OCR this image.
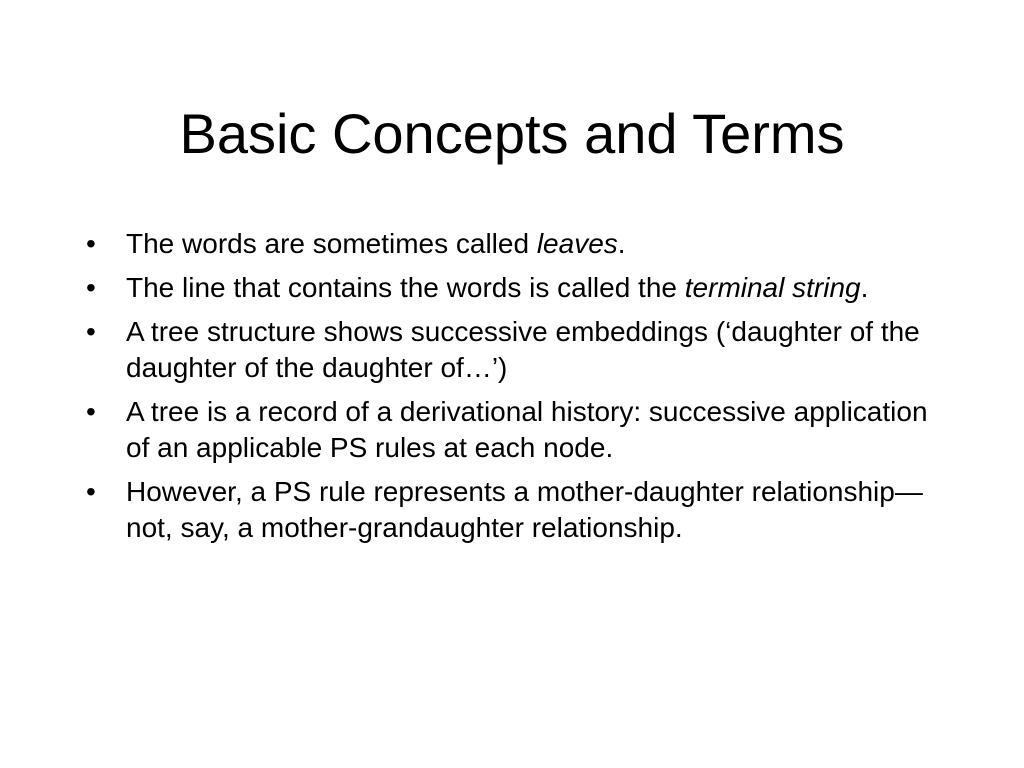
Basic Concepts and Terms
•	The words are sometimes called leaves.
•	The line that contains the words is called the terminal string.
•	A tree structure shows successive embeddings (‘daughter of the daughter of the daughter of…’)
•	A tree is a record of a derivational history: successive application of an applicable PS rules at each node.
•	However, a PS rule represents a mother-daughter relationship—not, say, a mother-grandaughter relationship.
